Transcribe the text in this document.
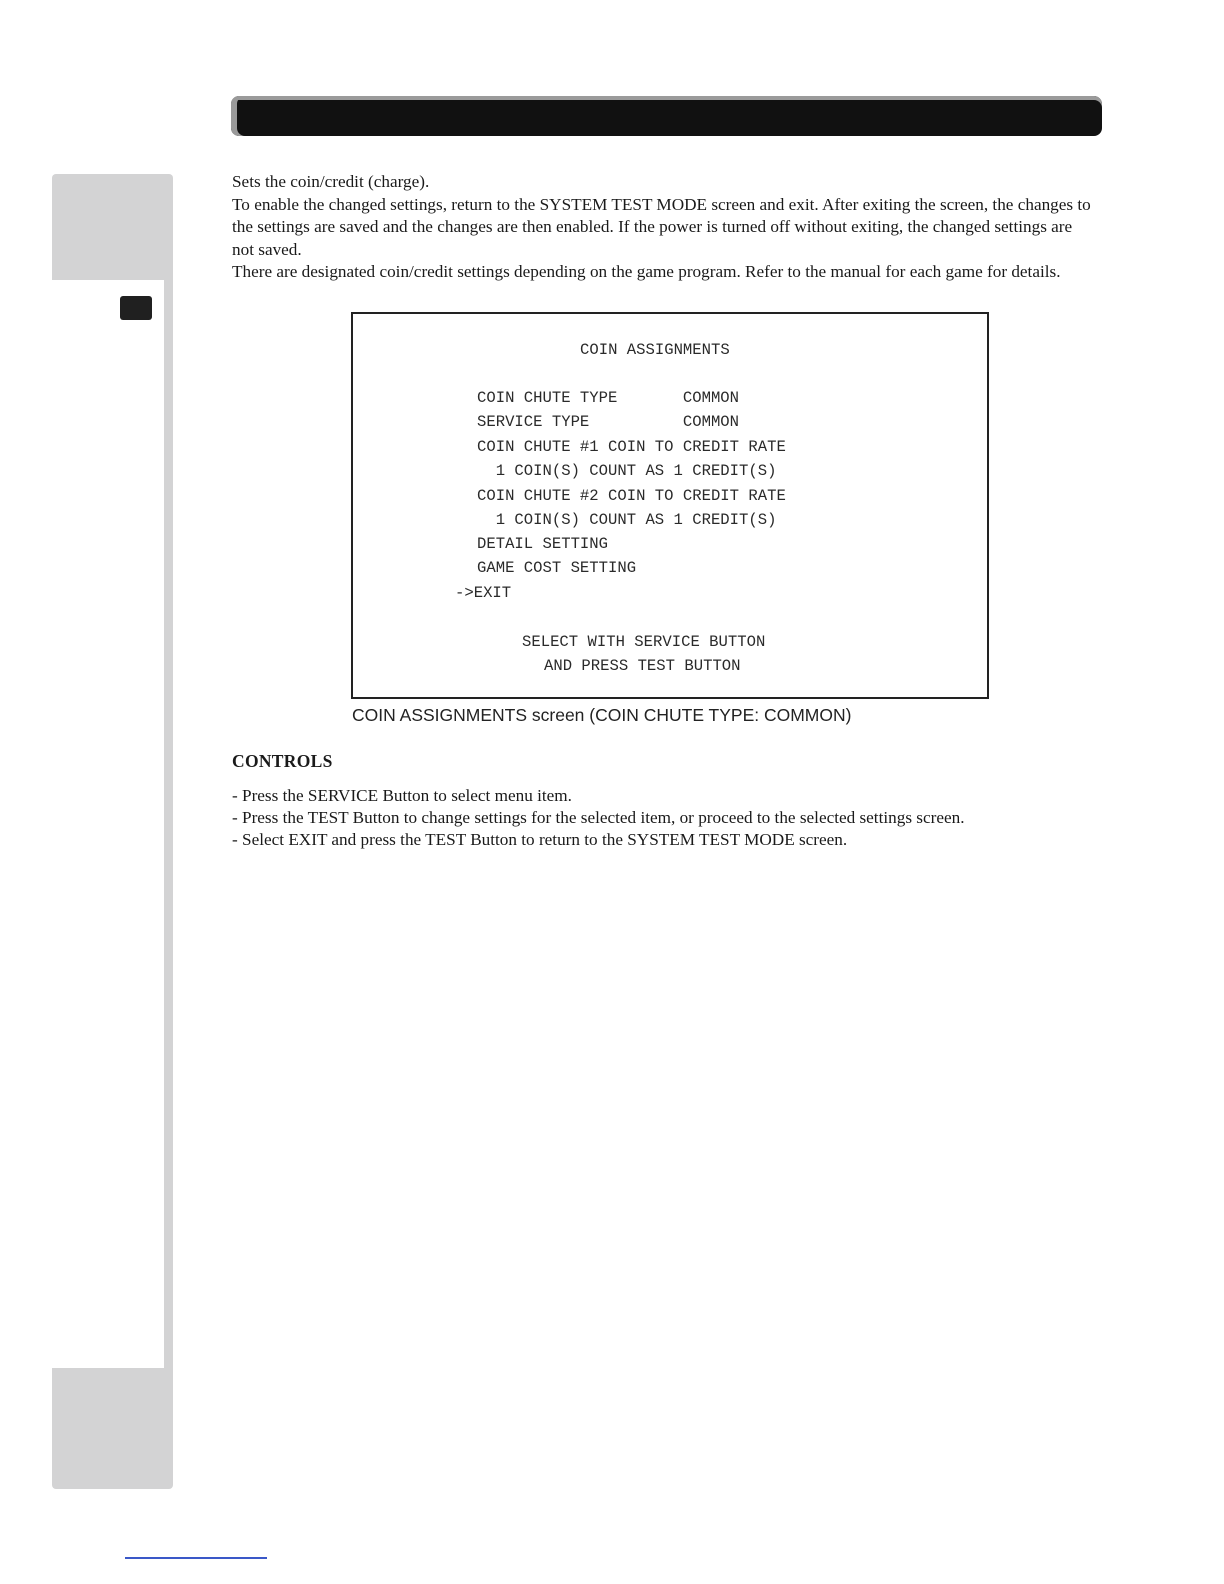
Sets the coin/credit (charge).

To enable the changed settings, return to the SYSTEM TEST MODE screen and exit. After exiting the screen, the changes to the settings are saved and the changes are then enabled. If the power is turned off without exiting, the changed settings are not saved.

There are designated coin/credit settings depending on the game program. Refer to the manual for each game for details.

COIN ASSIGNMENTS

COIN CHUTE TYPE       COMMON

SERVICE TYPE          COMMON

COIN CHUTE #1 COIN TO CREDIT RATE

1 COIN(S) COUNT AS 1 CREDIT(S)

COIN CHUTE #2 COIN TO CREDIT RATE

1 COIN(S) COUNT AS 1 CREDIT(S)

DETAIL SETTING

GAME COST SETTING

->EXIT

SELECT WITH SERVICE BUTTON

AND PRESS TEST BUTTON

COIN ASSIGNMENTS screen (COIN CHUTE TYPE: COMMON)
CONTROLS
- Press the SERVICE Button to select menu item.
- Press the TEST Button to change settings for the selected item, or proceed to the selected settings screen.
- Select EXIT and press the TEST Button to return to the SYSTEM TEST MODE screen.
